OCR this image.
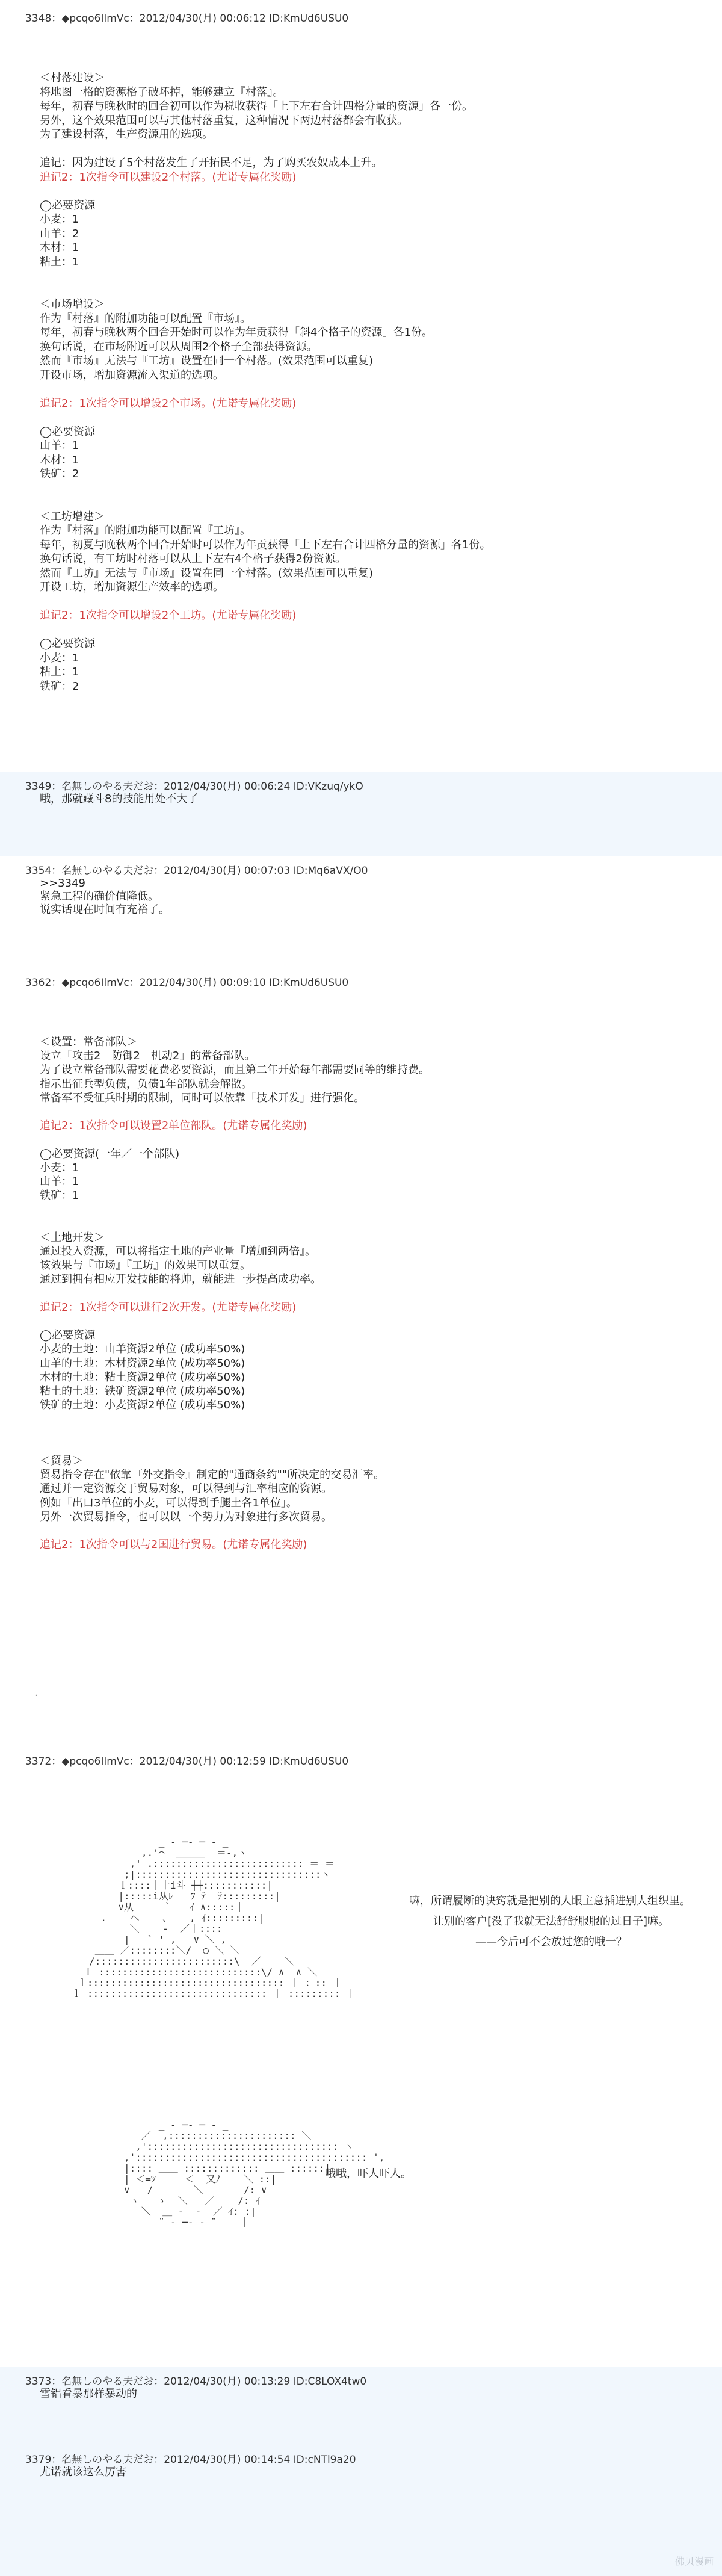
3348：◆pcqo6IlmVc：2012/04/30(月) 00:06:12 ID:KmUd6USU0
＜村落建设＞
将地图一格的资源格子破坏掉，能够建立『村落』。
每年，初春与晚秋时的回合初可以作为税收获得「上下左右合计四格分量的资源」各一份。
另外，这个效果范围可以与其他村落重复，这种情况下两边村落都会有收获。
为了建设村落，生产资源用的选项。
追记：因为建设了5个村落发生了开拓民不足，为了购买农奴成本上升。
追记2：1次指令可以建设2个村落。(尤诺专属化奖励)
◯必要资源
小麦：1
山羊：2
木材：1
粘土：1
＜市场增设＞
作为『村落』的附加功能可以配置『市场』。
每年，初春与晚秋两个回合开始时可以作为年贡获得「斜4个格子的资源」各1份。
换句话说，在市场附近可以从周围2个格子全部获得资源。
然而『市场』无法与『工坊』设置在同一个村落。(效果范围可以重复)
开设市场，增加资源流入渠道的选项。
追记2：1次指令可以增设2个市场。(尤诺专属化奖励)
◯必要资源
山羊：1
木材：1
铁矿：2
＜工坊增建＞
作为『村落』的附加功能可以配置『工坊』。
每年，初夏与晚秋两个回合开始时可以作为年贡获得「上下左右合计四格分量的资源」各1份。
换句话说，有工坊时村落可以从上下左右4个格子获得2份资源。
然而『工坊』无法与『市场』设置在同一个村落。(效果范围可以重复)
开设工坊，增加资源生产效率的选项。
追记2：1次指令可以增设2个工坊。(尤诺专属化奖励)
◯必要资源
小麦：1
粘土：1
铁矿：2
3349：名無しのやる夫だお：2012/04/30(月) 00:06:24 ID:VKzuq/ykO
哦，那就藏斗8的技能用处不大了
3354：名無しのやる夫だお：2012/04/30(月) 00:07:03 ID:Mq6aVX/O0
>>3349
紧急工程的确价值降低。
说实话现在时间有充裕了。
3362：◆pcqo6IlmVc：2012/04/30(月) 00:09:10 ID:KmUd6USU0
＜设置：常备部队＞
设立「攻击2　防御2　机动2」的常备部队。
为了设立常备部队需要花费必要资源，而且第二年开始每年都需要同等的维持费。
指示出征兵型负债，负债1年部队就会解散。
常备军不受征兵时期的限制，同时可以依靠「技术开发」进行强化。
追记2：1次指令可以设置2单位部队。(尤诺专属化奖励)
◯必要资源(一年／一个部队)
小麦：1
山羊：1
铁矿：1
＜土地开发＞
通过投入资源，可以将指定土地的产业量『增加到两倍』。
该效果与『市场』『工坊』的效果可以重复。
通过到拥有相应开发技能的将帅，就能进一步提高成功率。
追记2：1次指令可以进行2次开发。(尤诺专属化奖励)
◯必要资源
小麦的土地：山羊资源2单位 (成功率50%)
山羊的土地：木材资源2单位 (成功率50%)
木材的土地：粘土资源2单位 (成功率50%)
粘土的土地：铁矿资源2单位 (成功率50%)
铁矿的土地：小麦资源2单位 (成功率50%)
＜贸易＞
贸易指令存在"依靠『外交指令』制定的"通商条约""所决定的交易汇率。
通过并一定资源交于贸易对象，可以得到与汇率相应的资源。
例如「出口3单位的小麦，可以得到手腿土各1单位」。
另外一次贸易指令，也可以以一个势力为对象进行多次贸易。
追记2：1次指令可以与2国进行贸易。(尤诺专属化奖励)
.
3372：◆pcqo6IlmVc：2012/04/30(月) 00:12:59 ID:KmUd6USU0
_ ‐ ─‐ ─ ‐ _
,.'⌒  ＿＿＿  ＝-,ヽ
,' .:::::::::::::::::::::::::: ＝ ＝
;|::::::::::::::::::::::::::::::::ヽ
ｌ::::｜十i斗 ┼┼:::::::::::|
|:::::i从ﾚ   ﾌ ﾃ  ﾃ:::::::::|
∨从     ｀   ｲ ∧:::::｜
.    ヘ    、   , ｲ:::::::::|
＼    -  ／｜::::｜
|   ` ' ,   ∨ ＼ ,
＿＿ ／::::::::＼/  ○ ＼ ＼
/::::::::::::::::::::::::\  ／    ＼
ｌ ::::::::::::::::::::::::::::\/ ∧  ∧ ＼
ｌ:::::::::::::::::::::::::::::::::: ｜ ：:: ｜
ｌ ::::::::::::::::::::::::::::::: ｜ ::::::::: ｜
嘛，所谓履断的诀窍就是把别的人眼主意插进别人组织里。
让别的客户[没了我就无法舒舒服服的过日子]嘛。
——今后可不会放过您的哦一？
_ ‐ ─‐ ─ ‐ _
／  ,:::::::::::::::::::::: ＼
,'::::::::::::::::::::::::::::::::: ヽ
,':::::::::::::::::::::::::::::::::::::::: ',
|:::: ＿＿ ::::::::::::: ＿＿ ::::::|
| ＜=ﾂ     ＜  又ﾉ    ＼ ::|
∨   /       ＼       /: ∨
ヽ   ゝ  ＼   ／    /: ｲ
＼  ＿_-  ‐  ／ ｲ: :|
¨ ‐ ─‐ ‐ ¨    ｜
哦哦，吓人吓人。
3373：名無しのやる夫だお：2012/04/30(月) 00:13:29 ID:C8LOX4tw0
雪铝看暴那样暴动的
3379：名無しのやる夫だお：2012/04/30(月) 00:14:54 ID:cNTl9a20
尤诺就该这么厉害
佛贝漫画
